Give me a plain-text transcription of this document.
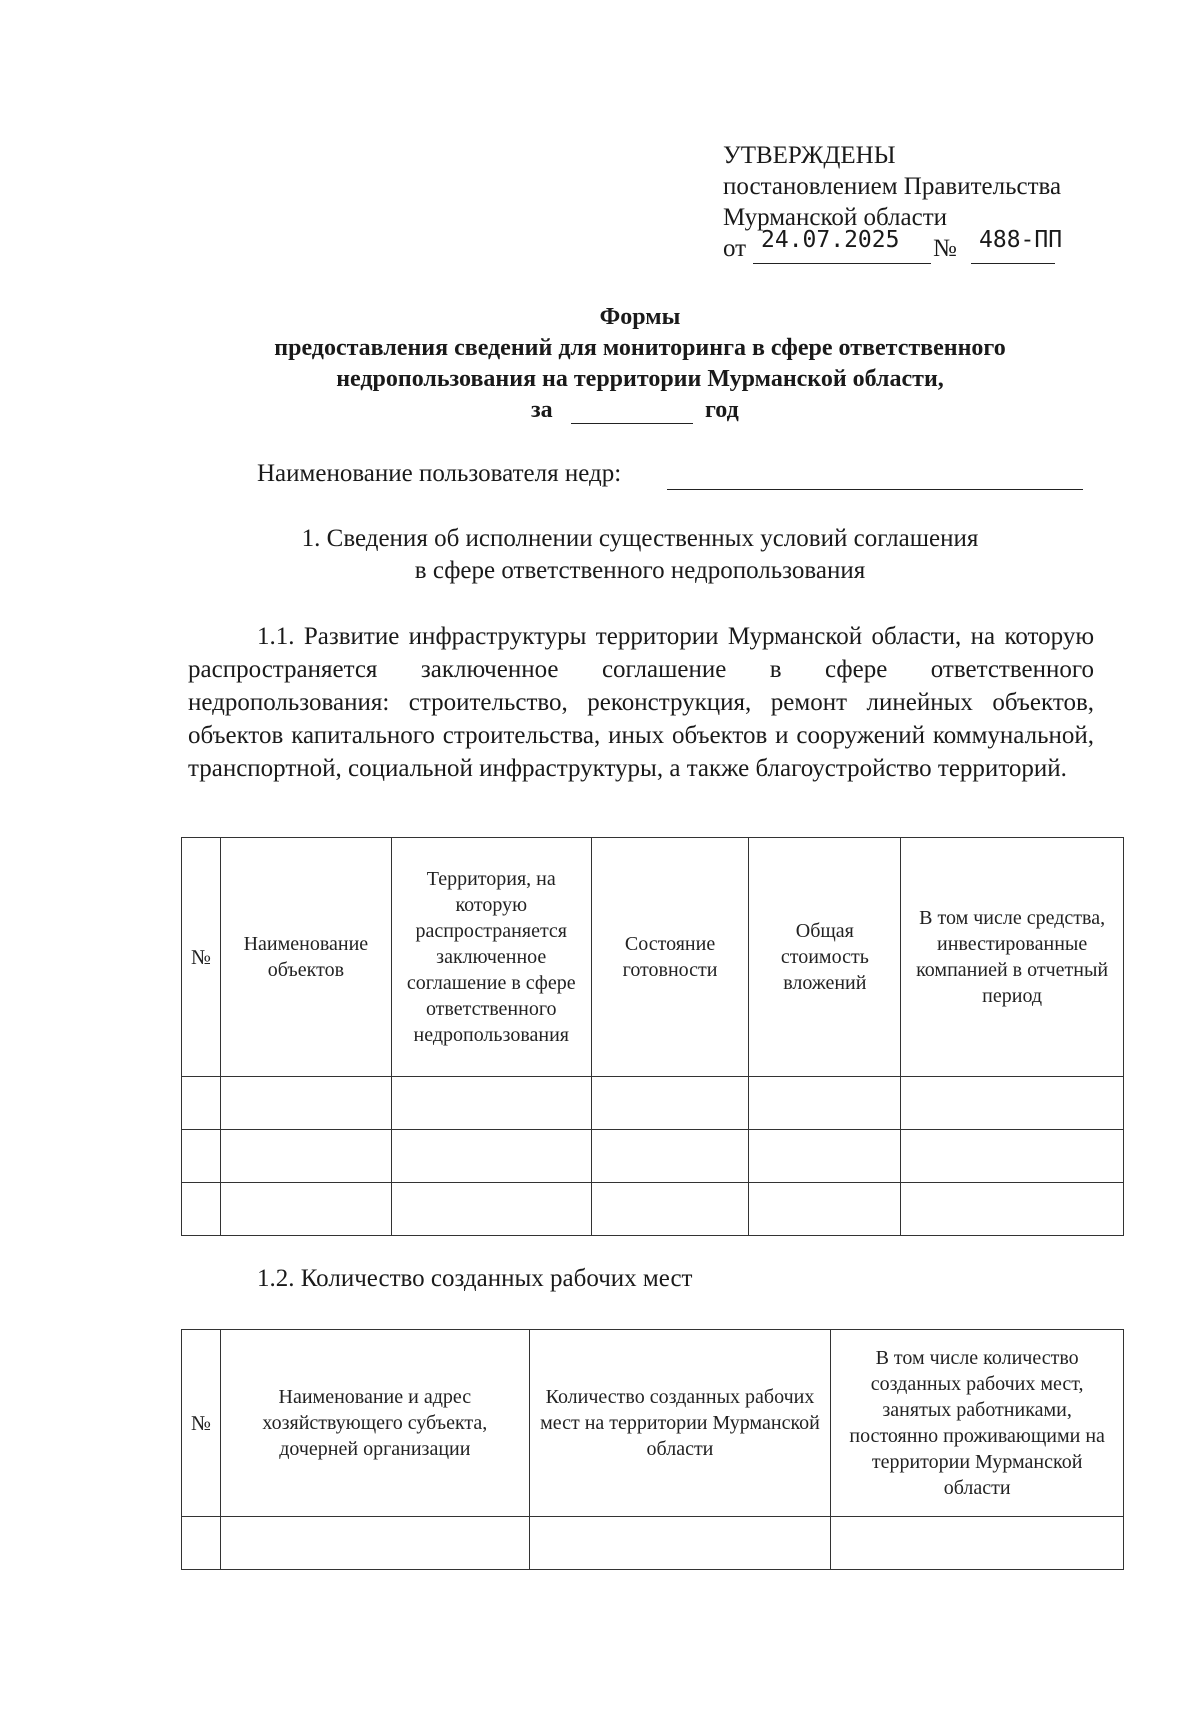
УТВЕРЖДЕНЫ
постановлением Правительства
Мурманской области
от 24.07.2025 № 488-ПП
Формы
предоставления сведений для мониторинга в сфере ответственного
недропользования на территории Мурманской области,
за	год
Наименование пользователя недр:
1. Сведения об исполнении существенных условий соглашения
в сфере ответственного недропользования

1.1. Развитие инфраструктуры территории Мурманской области, на которую распространяется заключенное соглашение в сфере ответственного недропользования: строительство, реконструкция, ремонт линейных объектов, объектов капитального строительства, иных объектов и сооружений коммунальной, транспортной, социальной инфраструктуры, а также благоустройство территорий.

№	Наименование объектов	Территория, на которую распространяется заключенное соглашение в сфере ответственного недропользования	Состояние готовности	Общая стоимость вложений	В том числе средства, инвестированные компанией в отчетный период

1.2. Количество созданных рабочих мест
№	Наименование и адрес хозяйствующего субъекта, дочерней организации	Количество созданных рабочих мест на территории Мурманской области	В том числе количество созданных рабочих мест, занятых работниками, постоянно проживающими на территории Мурманской области
